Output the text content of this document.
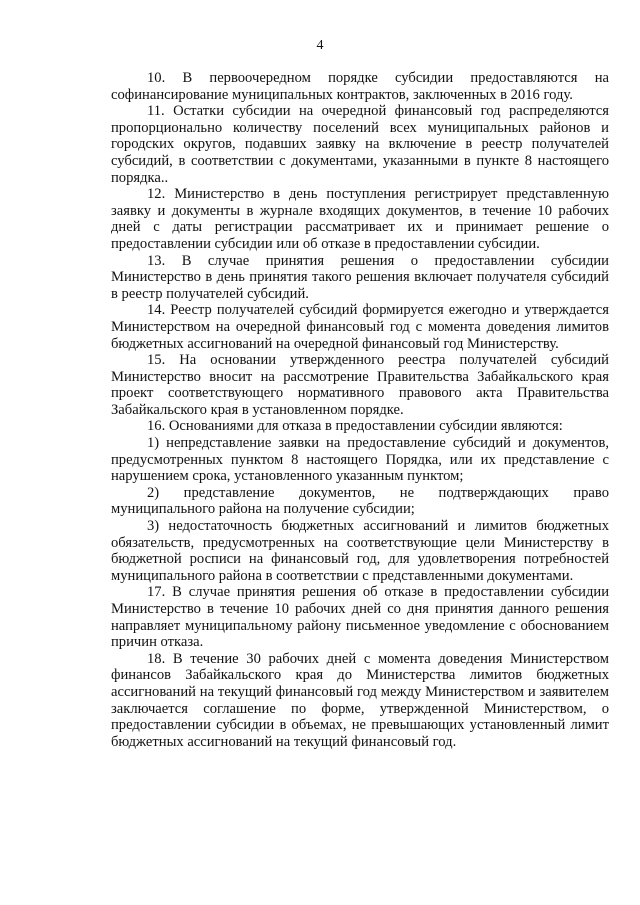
4

10. В первоочередном порядке субсидии предоставляются на софинансирование муниципальных контрактов, заключенных в 2016 году.

11. Остатки субсидии на очередной финансовый год распределяются пропорционально количеству поселений всех муниципальных районов и городских округов, подавших заявку на включение в реестр получателей субсидий, в соответствии с документами, указанными в пункте 8 настоящего порядка..

12. Министерство в день поступления регистрирует представленную заявку и документы в журнале входящих документов, в течение 10 рабочих дней с даты регистрации рассматривает их и принимает решение о предоставлении субсидии или об отказе в предоставлении субсидии.

13. В случае принятия решения о предоставлении субсидии Министерство в день принятия такого решения включает получателя субсидий в реестр получателей субсидий.

14. Реестр получателей субсидий формируется ежегодно и утверждается Министерством на очередной финансовый год с момента доведения лимитов бюджетных ассигнований на очередной финансовый год Министерству.

15. На основании утвержденного реестра получателей субсидий Министерство вносит на рассмотрение Правительства Забайкальского края проект соответствующего нормативного правового акта Правительства Забайкальского края в установленном порядке.

16. Основаниями для отказа в предоставлении субсидии являются:

1) непредставление заявки на предоставление субсидий и документов, предусмотренных пунктом 8 настоящего Порядка, или их представление с нарушением срока, установленного указанным пунктом;

2) представление документов, не подтверждающих право муниципального района на получение субсидии;

3) недостаточность бюджетных ассигнований и лимитов бюджетных обязательств, предусмотренных на соответствующие цели Министерству в бюджетной росписи на финансовый год, для удовлетворения потребностей муниципального района в соответствии с представленными документами.

17. В случае принятия решения об отказе в предоставлении субсидии Министерство в течение 10 рабочих дней со дня принятия данного решения направляет муниципальному району письменное уведомление с обоснованием причин отказа.

18. В течение 30 рабочих дней с момента доведения Министерством финансов Забайкальского края до Министерства лимитов бюджетных ассигнований на текущий финансовый год между Министерством и заявителем заключается соглашение по форме, утвержденной Министерством, о предоставлении субсидии в объемах, не превышающих установленный лимит бюджетных ассигнований на текущий финансовый год.
